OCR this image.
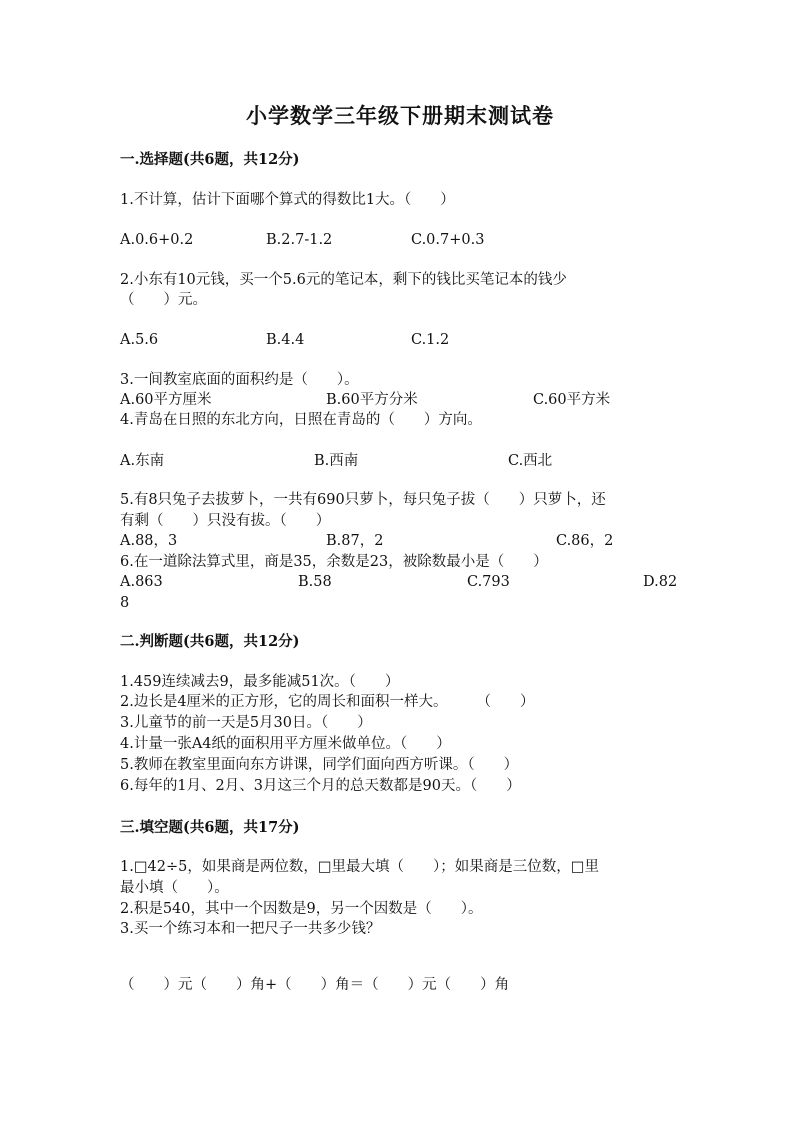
小学数学三年级下册期末测试卷
一.选择题(共6题，共12分)
1.不计算，估计下面哪个算式的得数比1大。（　　）
A.0.6+0.2	B.2.7-1.2	C.0.7+0.3
2.小东有10元钱，买一个5.6元的笔记本，剩下的钱比买笔记本的钱少
（　　）元。
A.5.6	B.4.4	C.1.2
3.一间教室底面的面积约是（　　）。
A.60平方厘米	B.60平方分米	C.60平方米
4.青岛在日照的东北方向，日照在青岛的（　　）方向。
A.东南	B.西南	C.西北
5.有8只兔子去拔萝卜，一共有690只萝卜，每只兔子拔（　　）只萝卜，还
有剩（　　）只没有拔。（　　）
A.88，3	B.87，2	C.86，2
6.在一道除法算式里，商是35，余数是23，被除数最小是（　　）
A.863	B.58	C.793	D.82
8
二.判断题(共6题，共12分)
1.459连续减去9，最多能减51次。（　　）
2.边长是4厘米的正方形，它的周长和面积一样大。　　　（　　）
3.儿童节的前一天是5月30日。（　　）
4.计量一张A4纸的面积用平方厘米做单位。（　　）
5.教师在教室里面向东方讲课，同学们面向西方听课。（　　）
6.每年的1月、2月、3月这三个月的总天数都是90天。（　　）
三.填空题(共6题，共17分)
1.□42÷5，如果商是两位数，□里最大填（　　）；如果商是三位数，□里
最小填（　　）。
2.积是540，其中一个因数是9，另一个因数是（　　）。
3.买一个练习本和一把尺子一共多少钱？
（　　）元（　　）角+（　　）角＝（　　）元（　　）角
